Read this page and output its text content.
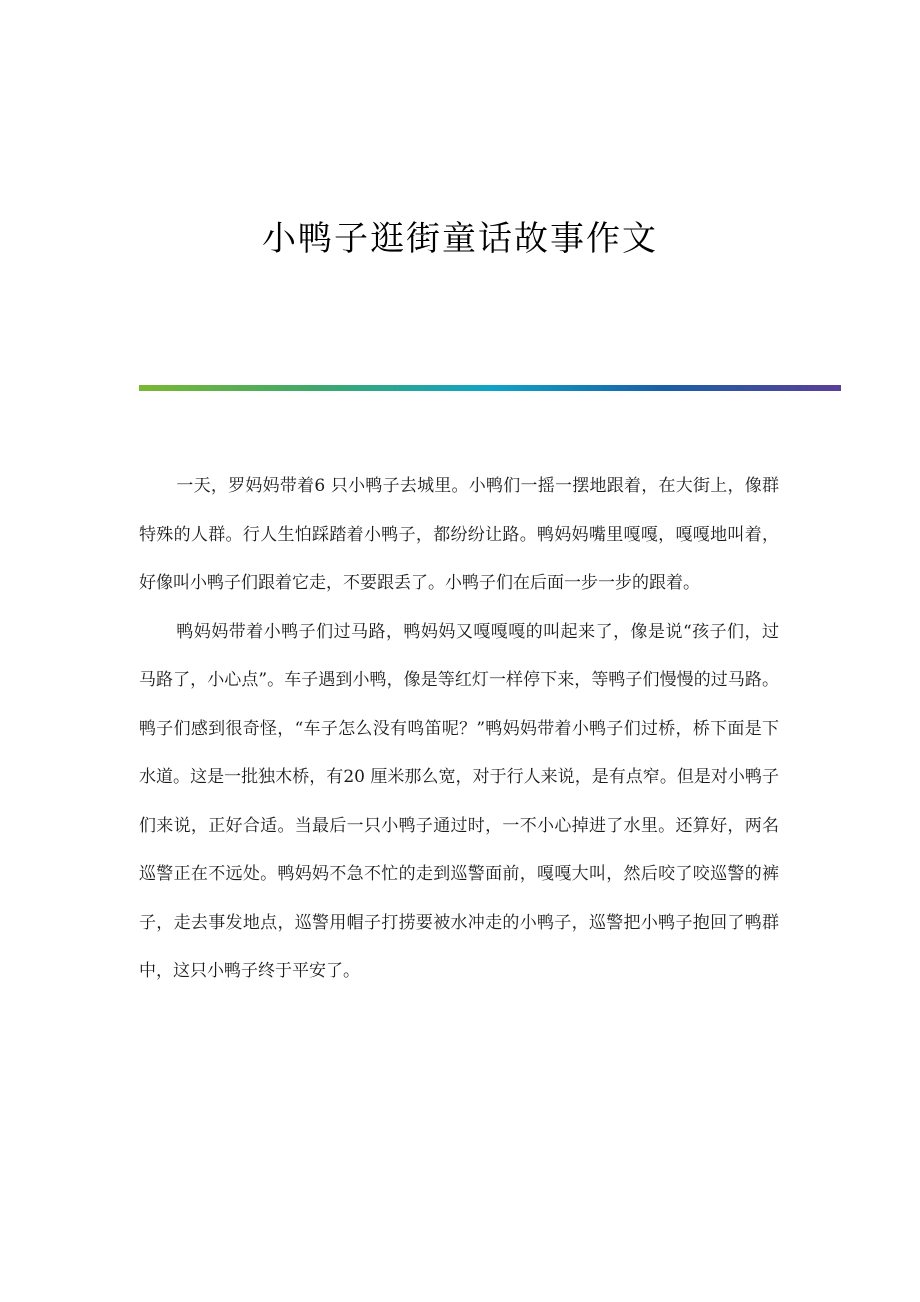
小鸭子逛街童话故事作文

一天，罗妈妈带着6 只小鸭子去城里。小鸭们一摇一摆地跟着，在大街上，像群特殊的人群。行人生怕踩踏着小鸭子，都纷纷让路。鸭妈妈嘴里嘎嘎，嘎嘎地叫着，好像叫小鸭子们跟着它走，不要跟丢了。小鸭子们在后面一步一步的跟着。

鸭妈妈带着小鸭子们过马路，鸭妈妈又嘎嘎嘎的叫起来了，像是说“孩子们，过马路了，小心点”。车子遇到小鸭，像是等红灯一样停下来，等鸭子们慢慢的过马路。鸭子们感到很奇怪，“车子怎么没有鸣笛呢？”鸭妈妈带着小鸭子们过桥，桥下面是下水道。这是一批独木桥，有20 厘米那么宽，对于行人来说，是有点窄。但是对小鸭子们来说，正好合适。当最后一只小鸭子通过时，一不小心掉进了水里。还算好，两名巡警正在不远处。鸭妈妈不急不忙的走到巡警面前，嘎嘎大叫，然后咬了咬巡警的裤子，走去事发地点，巡警用帽子打捞要被水冲走的小鸭子，巡警把小鸭子抱回了鸭群中，这只小鸭子终于平安了。
